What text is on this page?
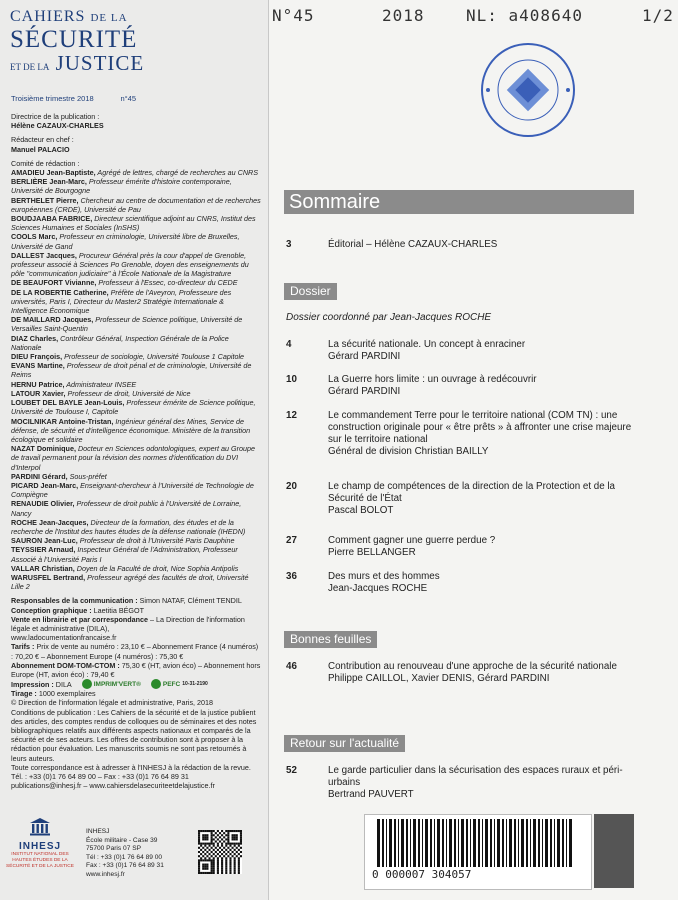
CAHIERS DE LA
SÉCURITÉ
ET DE LA JUSTICE
Troisième trimestre 2018	n°45

Directrice de la publication :

Hélène CAZAUX-CHARLES

Rédacteur en chef :

Manuel PALACIO

Comité de rédaction :

AMADIEU Jean-Baptiste, Agrégé de lettres, chargé de recherches au CNRS

BERLIÈRE Jean-Marc, Professeur émérite d'histoire contemporaine, Université de Bourgogne

BERTHELET Pierre, Chercheur au centre de documentation et de recherches européennes (CRDE), Université de Pau

BOUDJAABA FABRICE, Directeur scientifique adjoint au CNRS, Institut des Sciences Humaines et Sociales (InSHS)

COOLS Marc, Professeur en criminologie, Université libre de Bruxelles, Université de Gand

DALLEST Jacques, Procureur Général près la cour d'appel de Grenoble, professeur associé à Sciences Po Grenoble, doyen des enseignements du pôle "communication judiciaire" à l'École Nationale de la Magistrature

DE BEAUFORT Vivianne, Professeur à l'Essec, co-directeur du CEDE

DE LA ROBERTIE Catherine, Préfète de l'Aveyron, Professeure des universités, Paris I, Directeur du Master2 Stratégie Internationale & Intelligence Économique

DE MAILLARD Jacques, Professeur de Science politique, Université de Versailles Saint-Quentin

DIAZ Charles, Contrôleur Général, Inspection Générale de la Police Nationale

DIEU François, Professeur de sociologie, Université Toulouse 1 Capitole

EVANS Martine, Professeur de droit pénal et de criminologie, Université de Reims

HERNU Patrice, Administrateur INSEE

LATOUR Xavier, Professeur de droit, Université de Nice

LOUBET DEL BAYLE Jean-Louis, Professeur émérite de Science politique, Université de Toulouse I, Capitole

MOCILNIKAR Antoine-Tristan, Ingénieur général des Mines, Service de défense, de sécurité et d'intelligence économique. Ministère de la transition écologique et solidaire

NAZAT Dominique, Docteur en Sciences odontologiques, expert au Groupe de travail permanent pour la révision des normes d'identification du DVI d'Interpol

PARDINI Gérard, Sous-préfet

PICARD Jean-Marc, Enseignant-chercheur à l'Université de Technologie de Compiègne

RENAUDIE Olivier, Professeur de droit public à l'Université de Lorraine, Nancy

ROCHE Jean-Jacques, Directeur de la formation, des études et de la recherche de l'Institut des hautes études de la défense nationale (IHEDN)

SAURON Jean-Luc, Professeur de droit à l'Université Paris Dauphine

TEYSSIER Arnaud, Inspecteur Général de l'Administration, Professeur Associé à l'Université Paris I

VALLAR Christian, Doyen de la Faculté de droit, Nice Sophia Antipolis

WARUSFEL Bertrand, Professeur agrégé des facultés de droit, Université Lille 2

Responsables de la communication : Simon NATAF, Clément TENDIL

Conception graphique : Laetitia BÉGOT

Vente en librairie et par correspondance – La Direction de l'information légale et administrative (DILA),

www.ladocumentationfrancaise.fr

Tarifs : Prix de vente au numéro : 23,10 € – Abonnement France (4 numéros) : 70,20 € – Abonnement Europe (4 numéros) : 75,30 €

Abonnement DOM-TOM-CTOM : 75,30 € (HT, avion éco) – Abonnement hors Europe (HT, avion éco) : 79,40 €

Impression : DILA	IMPRIM'VERT®	PEFC 10-31-2190

Tirage : 1000 exemplaires

© Direction de l'information légale et administrative, Paris, 2018

Conditions de publication : Les Cahiers de la sécurité et de la justice publient des articles, des comptes rendus de colloques ou de séminaires et des notes bibliographiques relatifs aux différents aspects nationaux et comparés de la sécurité et de ses acteurs. Les offres de contribution sont à proposer à la rédaction pour évaluation. Les manuscrits soumis ne sont pas retournés à leurs auteurs.

Toute correspondance est à adresser à l'INHESJ à la rédaction de la revue.

Tél. : +33 (0)1 76 64 89 00 – Fax : +33 (0)1 76 64 89 31

publications@inhesj.fr – www.cahiersdelasecuriteetdelajustice.fr

INHESJ
INSTITUT NATIONAL DES HAUTES ÉTUDES DE LA SÉCURITÉ ET DE LA JUSTICE
INHESJ
École militaire - Case 39
75700 Paris 07 SP
Tél : +33 (0)1 76 64 89 00
Fax : +33 (0)1 76 64 89 31
www.inhesj.fr
N°45	2018	NL: a408640	1/2
Sommaire
3	Éditorial – Hélène CAZAUX-CHARLES
Dossier
Dossier coordonné par Jean-Jacques ROCHE
4	La sécurité nationale. Un concept à enraciner
Gérard PARDINI
10	La Guerre hors limite : un ouvrage à redécouvrir
Gérard PARDINI
12	Le commandement Terre pour le territoire national (COM TN) : une construction originale pour « être prêts » à affronter une crise majeure sur le territoire national
Général de division Christian BAILLY
20	Le champ de compétences de la direction de la Protection et de la Sécurité de l'État
Pascal BOLOT
27	Comment gagner une guerre perdue ?
Pierre BELLANGER
36	Des murs et des hommes
Jean-Jacques ROCHE
Bonnes feuilles
46	Contribution au renouveau d'une approche de la sécurité nationale
Philippe CAILLOL, Xavier DENIS, Gérard PARDINI
Retour sur l'actualité
52	Le garde particulier dans la sécurisation des espaces ruraux et péri-urbains
Bertrand PAUVERT
0 000007 304057
